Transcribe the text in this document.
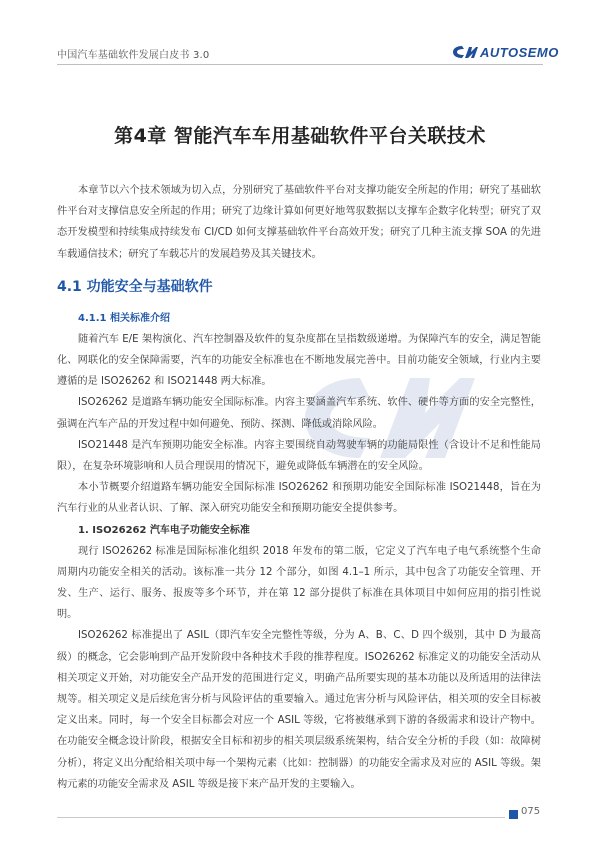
中国汽车基础软件发展白皮书 3.0	AUTOSEMO
第4章 智能汽车车用基础软件平台关联技术

本章节以六个技术领域为切入点，分别研究了基础软件平台对支撑功能安全所起的作用；研究了基础软件平台对支撑信息安全所起的作用；研究了边缘计算如何更好地驾驭数据以支撑车企数字化转型；研究了双态开发模型和持续集成持续发布 CI/CD 如何支撑基础软件平台高效开发；研究了几种主流支撑 SOA 的先进车载通信技术；研究了车载芯片的发展趋势及其关键技术。

4.1 功能安全与基础软件
4.1.1 相关标准介绍

随着汽车 E/E 架构演化、汽车控制器及软件的复杂度都在呈指数级递增。为保障汽车的安全，满足智能化、网联化的安全保障需要，汽车的功能安全标准也在不断地发展完善中。目前功能安全领域，行业内主要遵循的是 ISO26262 和 ISO21448 两大标准。

ISO26262 是道路车辆功能安全国际标准。内容主要涵盖汽车系统、软件、硬件等方面的安全完整性，强调在汽车产品的开发过程中如何避免、预防、探测、降低或消除风险。

ISO21448 是汽车预期功能安全标准。内容主要围绕自动驾驶车辆的功能局限性（含设计不足和性能局限），在复杂环境影响和人员合理误用的情况下，避免或降低车辆潜在的安全风险。

本小节概要介绍道路车辆功能安全国际标准 ISO26262 和预期功能安全国际标准 ISO21448，旨在为汽车行业的从业者认识、了解、深入研究功能安全和预期功能安全提供参考。

1. ISO26262 汽车电子功能安全标准

现行 ISO26262 标准是国际标准化组织 2018 年发布的第二版，它定义了汽车电子电气系统整个生命周期内功能安全相关的活动。该标准一共分 12 个部分，如图 4.1–1 所示，其中包含了功能安全管理、开发、生产、运行、服务、报废等多个环节，并在第 12 部分提供了标准在具体项目中如何应用的指引性说明。

ISO26262 标准提出了 ASIL（即汽车安全完整性等级，分为 A、B、C、D 四个级别，其中 D 为最高级）的概念，它会影响到产品开发阶段中各种技术手段的推荐程度。ISO26262 标准定义的功能安全活动从相关项定义开始，对功能安全产品开发的范围进行定义，明确产品所要实现的基本功能以及所适用的法律法规等。相关项定义是后续危害分析与风险评估的重要输入。通过危害分析与风险评估，相关项的安全目标被定义出来。同时，每一个安全目标都会对应一个 ASIL 等级，它将被继承到下游的各级需求和设计产物中。在功能安全概念设计阶段，根据安全目标和初步的相关项层级系统架构，结合安全分析的手段（如：故障树分析），将定义出分配给相关项中每一个架构元素（比如：控制器）的功能安全需求及对应的 ASIL 等级。架构元素的功能安全需求及 ASIL 等级是接下来产品开发的主要输入。

075
